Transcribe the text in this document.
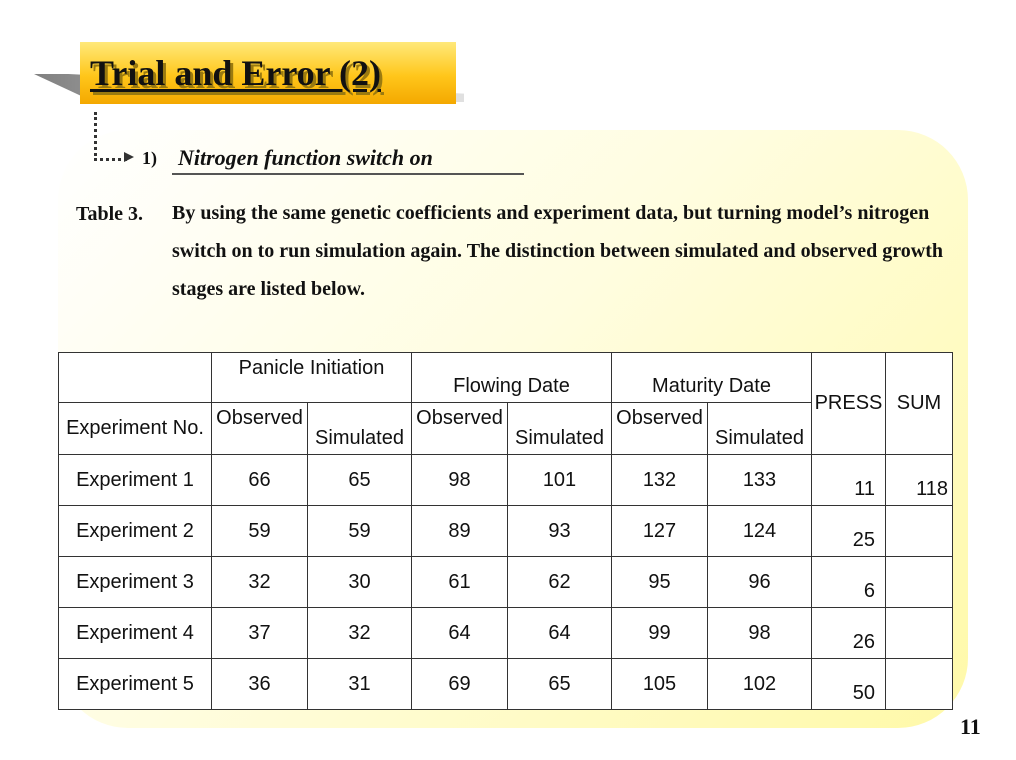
Trial and Error (2)
1) Nitrogen function switch on
Table 3. By using the same genetic coefficients and experiment data, but turning model’s nitrogen switch on to run simulation again. The distinction between simulated and observed growth stages are listed below.
	Panicle Initiation		Flowing Date		Maturity Date		PRESS	SUM
Experiment No.	Observed	Simulated	Observed	Simulated	Observed	Simulated		
Experiment 1	66	65	98	101	132	133	11	118
Experiment 2	59	59	89	93	127	124	25	
Experiment 3	32	30	61	62	95	96	6	
Experiment 4	37	32	64	64	99	98	26	
Experiment 5	36	31	69	65	105	102	50	
11
